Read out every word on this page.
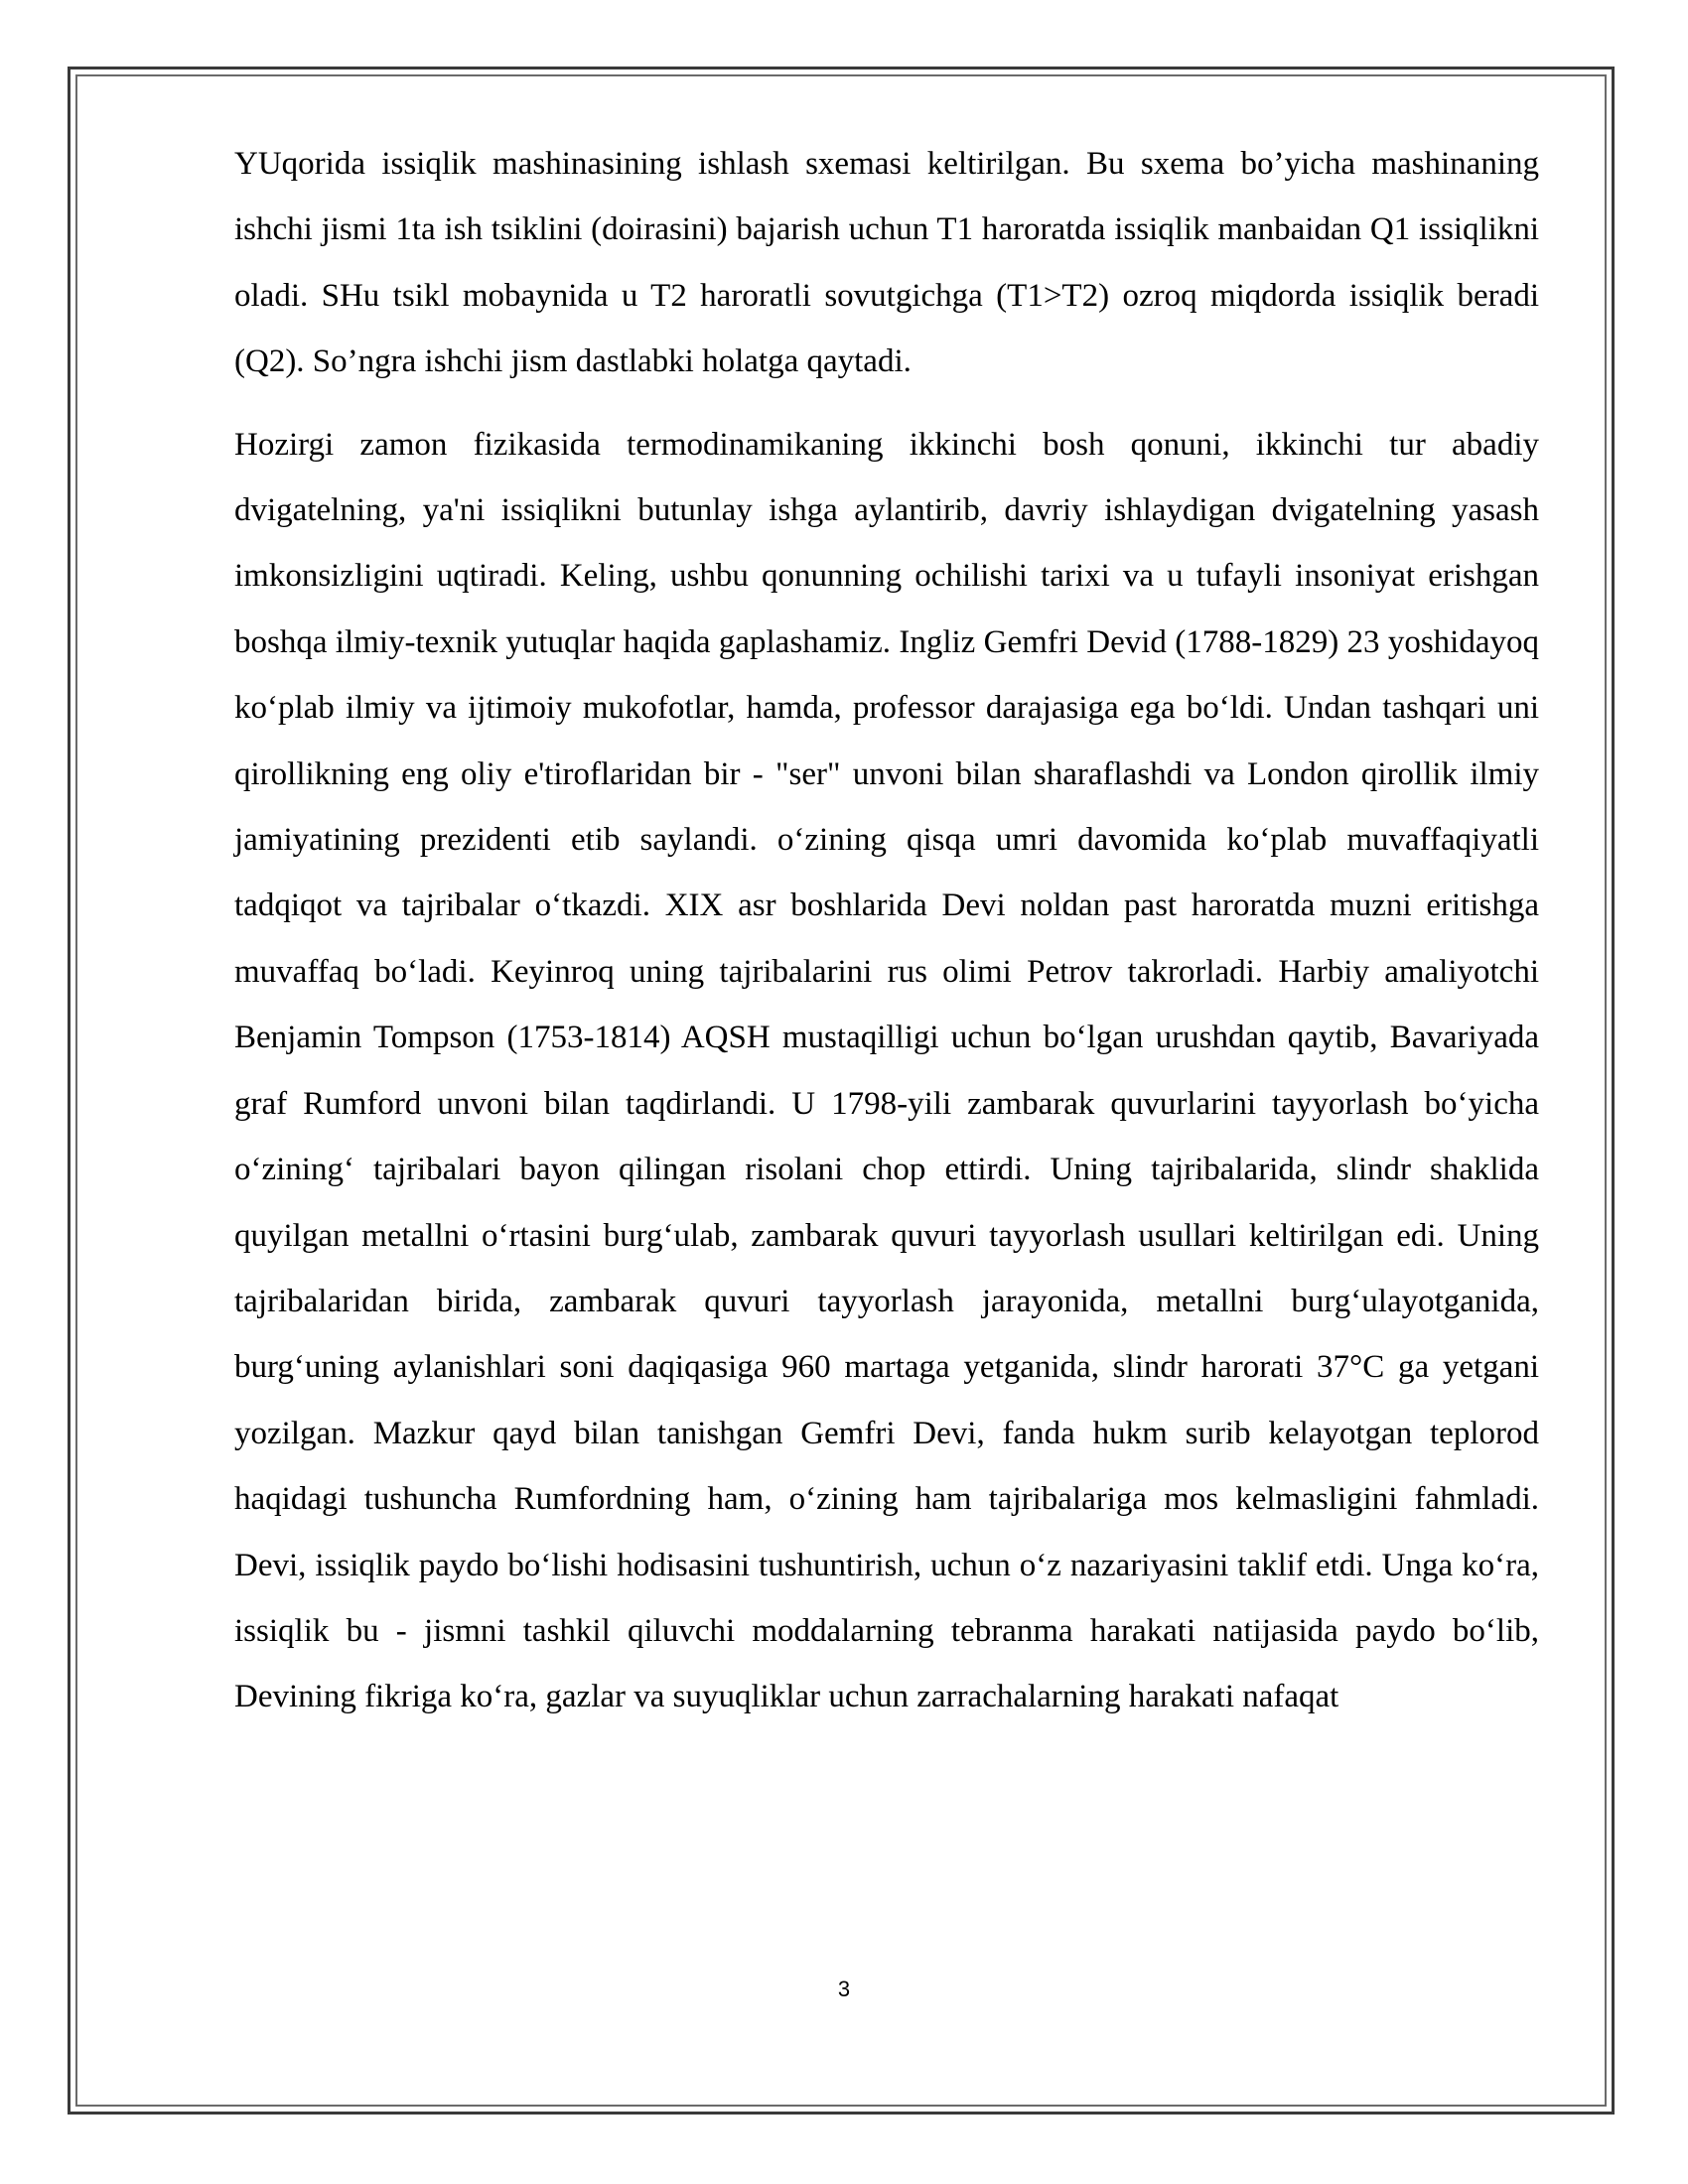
YUqorida issiqlik mashinasining ishlash sxemasi keltirilgan. Bu sxema bo’yicha mashinaning ishchi jismi 1ta ish tsiklini (doirasini) bajarish uchun T1 haroratda issiqlik manbaidan Q1 issiqlikni oladi. SHu tsikl mobaynida u T2 haroratli sovutgichga (T1>T2) ozroq miqdorda issiqlik beradi (Q2). So’ngra ishchi jism dastlabki holatga qaytadi.

Hozirgi zamon fizikasida termodinamikaning ikkinchi bosh qonuni, ikkinchi tur abadiy dvigatelning, ya'ni issiqlikni butunlay ishga aylantirib, davriy ishlaydigan dvigatelning yasash imkonsizligini uqtiradi. Keling, ushbu qonunning ochilishi tarixi va u tufayli insoniyat erishgan boshqa ilmiy-texnik yutuqlar haqida gaplashamiz. Ingliz Gemfri Devid (1788-1829) 23 yoshidayoq ko‘plab ilmiy va ijtimoiy mukofotlar, hamda, professor darajasiga ega bo‘ldi. Undan tashqari uni qirollikning eng oliy e'tiroflaridan bir - "ser" unvoni bilan sharaflashdi va London qirollik ilmiy jamiyatining prezidenti etib saylandi. o‘zining qisqa umri davomida ko‘plab muvaffaqiyatli tadqiqot va tajribalar o‘tkazdi. XIX asr boshlarida Devi noldan past haroratda muzni eritishga muvaffaq bo‘ladi. Keyinroq uning tajribalarini rus olimi Petrov takrorladi. Harbiy amaliyotchi Benjamin Tompson (1753-1814) AQSH mustaqilligi uchun bo‘lgan urushdan qaytib, Bavariyada graf Rumford unvoni bilan taqdirlandi. U 1798-yili zambarak quvurlarini tayyorlash bo‘yicha o‘zining‘ tajribalari bayon qilingan risolani chop ettirdi. Uning tajribalarida, slindr shaklida quyilgan metallni o‘rtasini burg‘ulab, zambarak quvuri tayyorlash usullari keltirilgan edi. Uning tajribalaridan birida, zambarak quvuri tayyorlash jarayonida, metallni burg‘ulayotganida, burg‘uning aylanishlari soni daqiqasiga 960 martaga yetganida, slindr harorati 37°C ga yetgani yozilgan. Mazkur qayd bilan tanishgan Gemfri Devi, fanda hukm surib kelayotgan teplorod haqidagi tushuncha Rumfordning ham, o‘zining ham tajribalariga mos kelmasligini fahmladi. Devi, issiqlik paydo bo‘lishi hodisasini tushuntirish, uchun o‘z nazariyasini taklif etdi. Unga ko‘ra, issiqlik bu - jismni tashkil qiluvchi moddalarning tebranma harakati natijasida paydo bo‘lib, Devining fikriga ko‘ra, gazlar va suyuqliklar uchun zarrachalarning harakati nafaqat

3
